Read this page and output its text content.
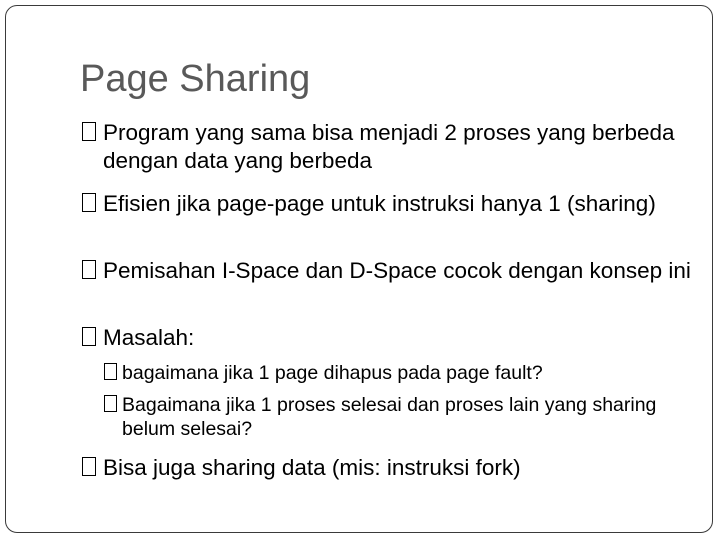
Page Sharing

Program yang sama bisa menjadi 2 proses yang berbeda dengan data yang berbeda

Efisien jika page-page untuk instruksi hanya 1 (sharing)

Pemisahan I-Space dan D-Space cocok dengan konsep ini

Masalah:

bagaimana jika 1 page dihapus pada page fault?

Bagaimana jika 1 proses selesai dan proses lain yang sharing belum selesai?

Bisa juga sharing data (mis: instruksi fork)
